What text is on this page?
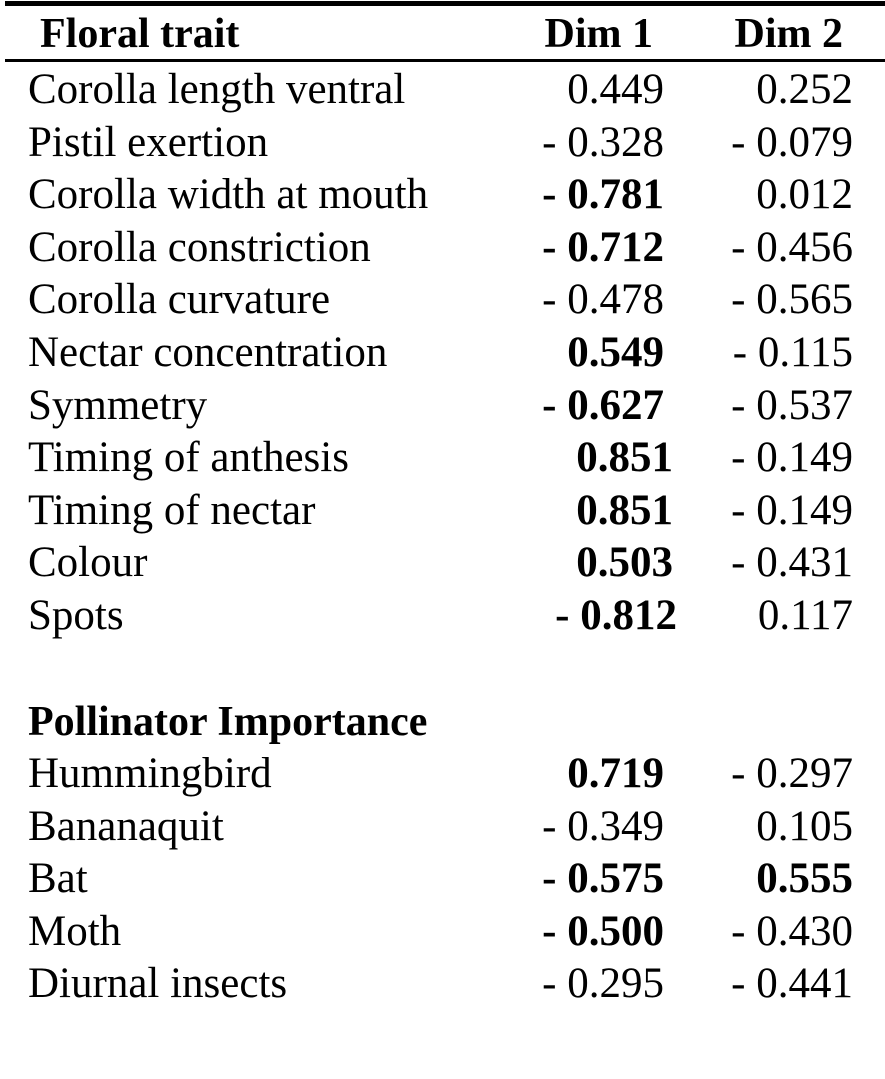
Floral trait	Dim 1 Dim 2
Corolla length ventral	0.449 0.252
Pistil exertion	- 0.328 - 0.079
Corolla width at mouth	- 0.781 0.012
Corolla constriction	- 0.712 - 0.456
Corolla curvature	- 0.478 - 0.565
Nectar concentration	0.549 - 0.115
Symmetry	- 0.627 - 0.537
Timing of anthesis	0.851 - 0.149
Timing of nectar	0.851 - 0.149
Colour	0.503 - 0.431
Spots	- 0.812 0.117
Pollinator Importance
Hummingbird	0.719 - 0.297
Bananaquit	- 0.349 0.105
Bat	- 0.575 0.555
Moth	- 0.500 - 0.430
Diurnal insects	- 0.295 - 0.441
